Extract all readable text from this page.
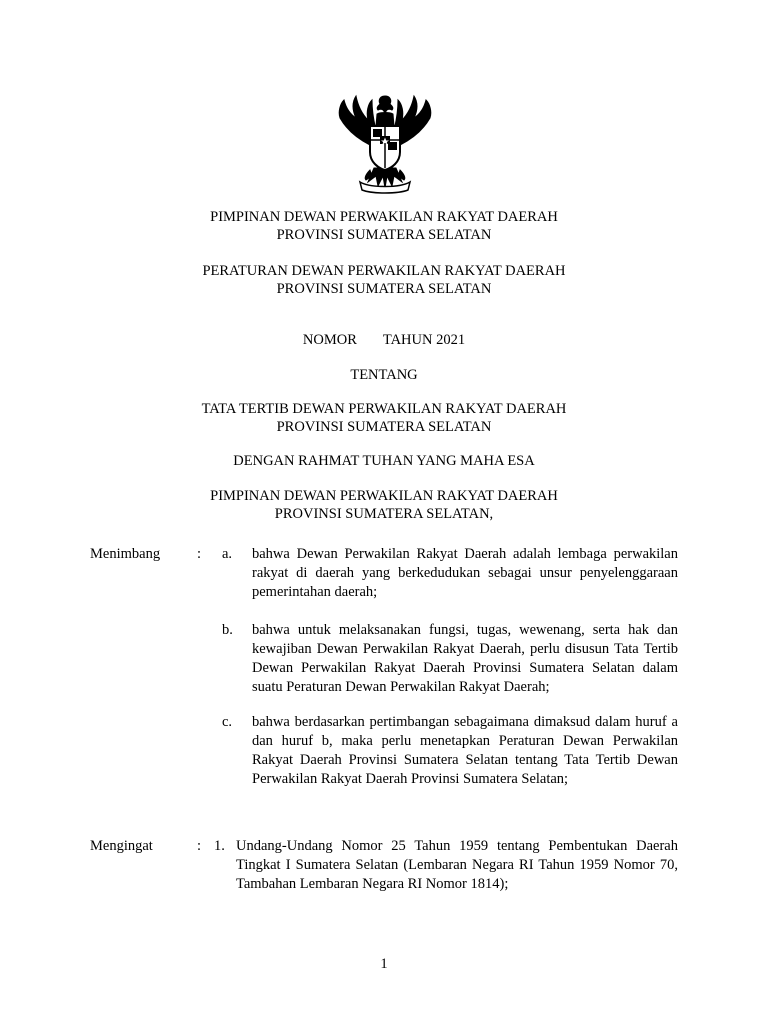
PIMPINAN DEWAN PERWAKILAN RAKYAT DAERAH
PROVINSI SUMATERA SELATAN
PERATURAN DEWAN PERWAKILAN RAKYAT DAERAH
PROVINSI SUMATERA SELATAN
NOMOR TAHUN 2021
TENTANG
TATA TERTIB DEWAN PERWAKILAN RAKYAT DAERAH
PROVINSI SUMATERA SELATAN
DENGAN RAHMAT TUHAN YANG MAHA ESA
PIMPINAN DEWAN PERWAKILAN RAKYAT DAERAH
PROVINSI SUMATERA SELATAN,
Menimbang	: a. bahwa Dewan Perwakilan Rakyat Daerah adalah lembaga perwakilan rakyat di daerah yang berkedudukan sebagai unsur penyelenggaraan pemerintahan daerah;
b. bahwa untuk melaksanakan fungsi, tugas, wewenang, serta hak dan kewajiban Dewan Perwakilan Rakyat Daerah, perlu disusun Tata Tertib Dewan Perwakilan Rakyat Daerah Provinsi Sumatera Selatan dalam suatu Peraturan Dewan Perwakilan Rakyat Daerah;
c. bahwa berdasarkan pertimbangan sebagaimana dimaksud dalam huruf a dan huruf b, maka perlu menetapkan Peraturan Dewan Perwakilan Rakyat Daerah Provinsi Sumatera Selatan tentang Tata Tertib Dewan Perwakilan Rakyat Daerah Provinsi Sumatera Selatan;
Mengingat	: 1. Undang-Undang Nomor 25 Tahun 1959 tentang Pembentukan Daerah Tingkat I Sumatera Selatan (Lembaran Negara RI Tahun 1959 Nomor 70, Tambahan Lembaran Negara RI Nomor 1814);
1
